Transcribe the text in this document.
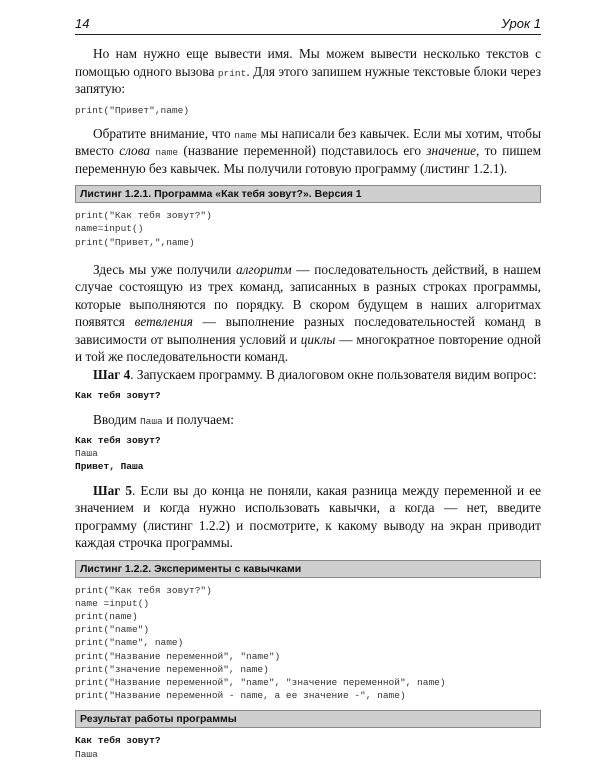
14	Урок 1

Но нам нужно еще вывести имя. Мы можем вывести несколько текстов с помощью одного вызова print. Для этого запишем нужные текстовые блоки через запятую:

print("Привет",name)

Обратите внимание, что name мы написали без кавычек. Если мы хотим, чтобы вместо слова name (название переменной) подставилось его значение, то пишем переменную без кавычек. Мы получили готовую программу (листинг 1.2.1).

Листинг 1.2.1. Программа «Как тебя зовут?». Версия 1
print("Как тебя зовут?")
name=input()
print("Привет,",name)

Здесь мы уже получили алгоритм — последовательность действий, в нашем случае состоящую из трех команд, записанных в разных строках программы, которые выполняются по порядку. В скором будущем в наших алгоритмах появятся ветвления — выполнение разных последовательностей команд в зависимости от выполнения условий и циклы — многократное повторение одной и той же последовательности команд.

Шаг 4. Запускаем программу. В диалоговом окне пользователя видим вопрос:

Как тебя зовут?

Вводим Паша и получаем:

Как тебя зовут?
Паша
Привет, Паша

Шаг 5. Если вы до конца не поняли, какая разница между переменной и ее значением и когда нужно использовать кавычки, а когда — нет, введите программу (листинг 1.2.2) и посмотрите, к какому выводу на экран приводит каждая строчка программы.

Листинг 1.2.2. Эксперименты с кавычками
print("Как тебя зовут?")
name =input()
print(name)
print("name")
print("name", name)
print("Название переменной", "name")
print("значение переменной", name)
print("Название переменной", "name", "значение переменной", name)
print("Название переменной - name, а ее значение -", name)
Результат работы программы
Как тебя зовут?
Паша
